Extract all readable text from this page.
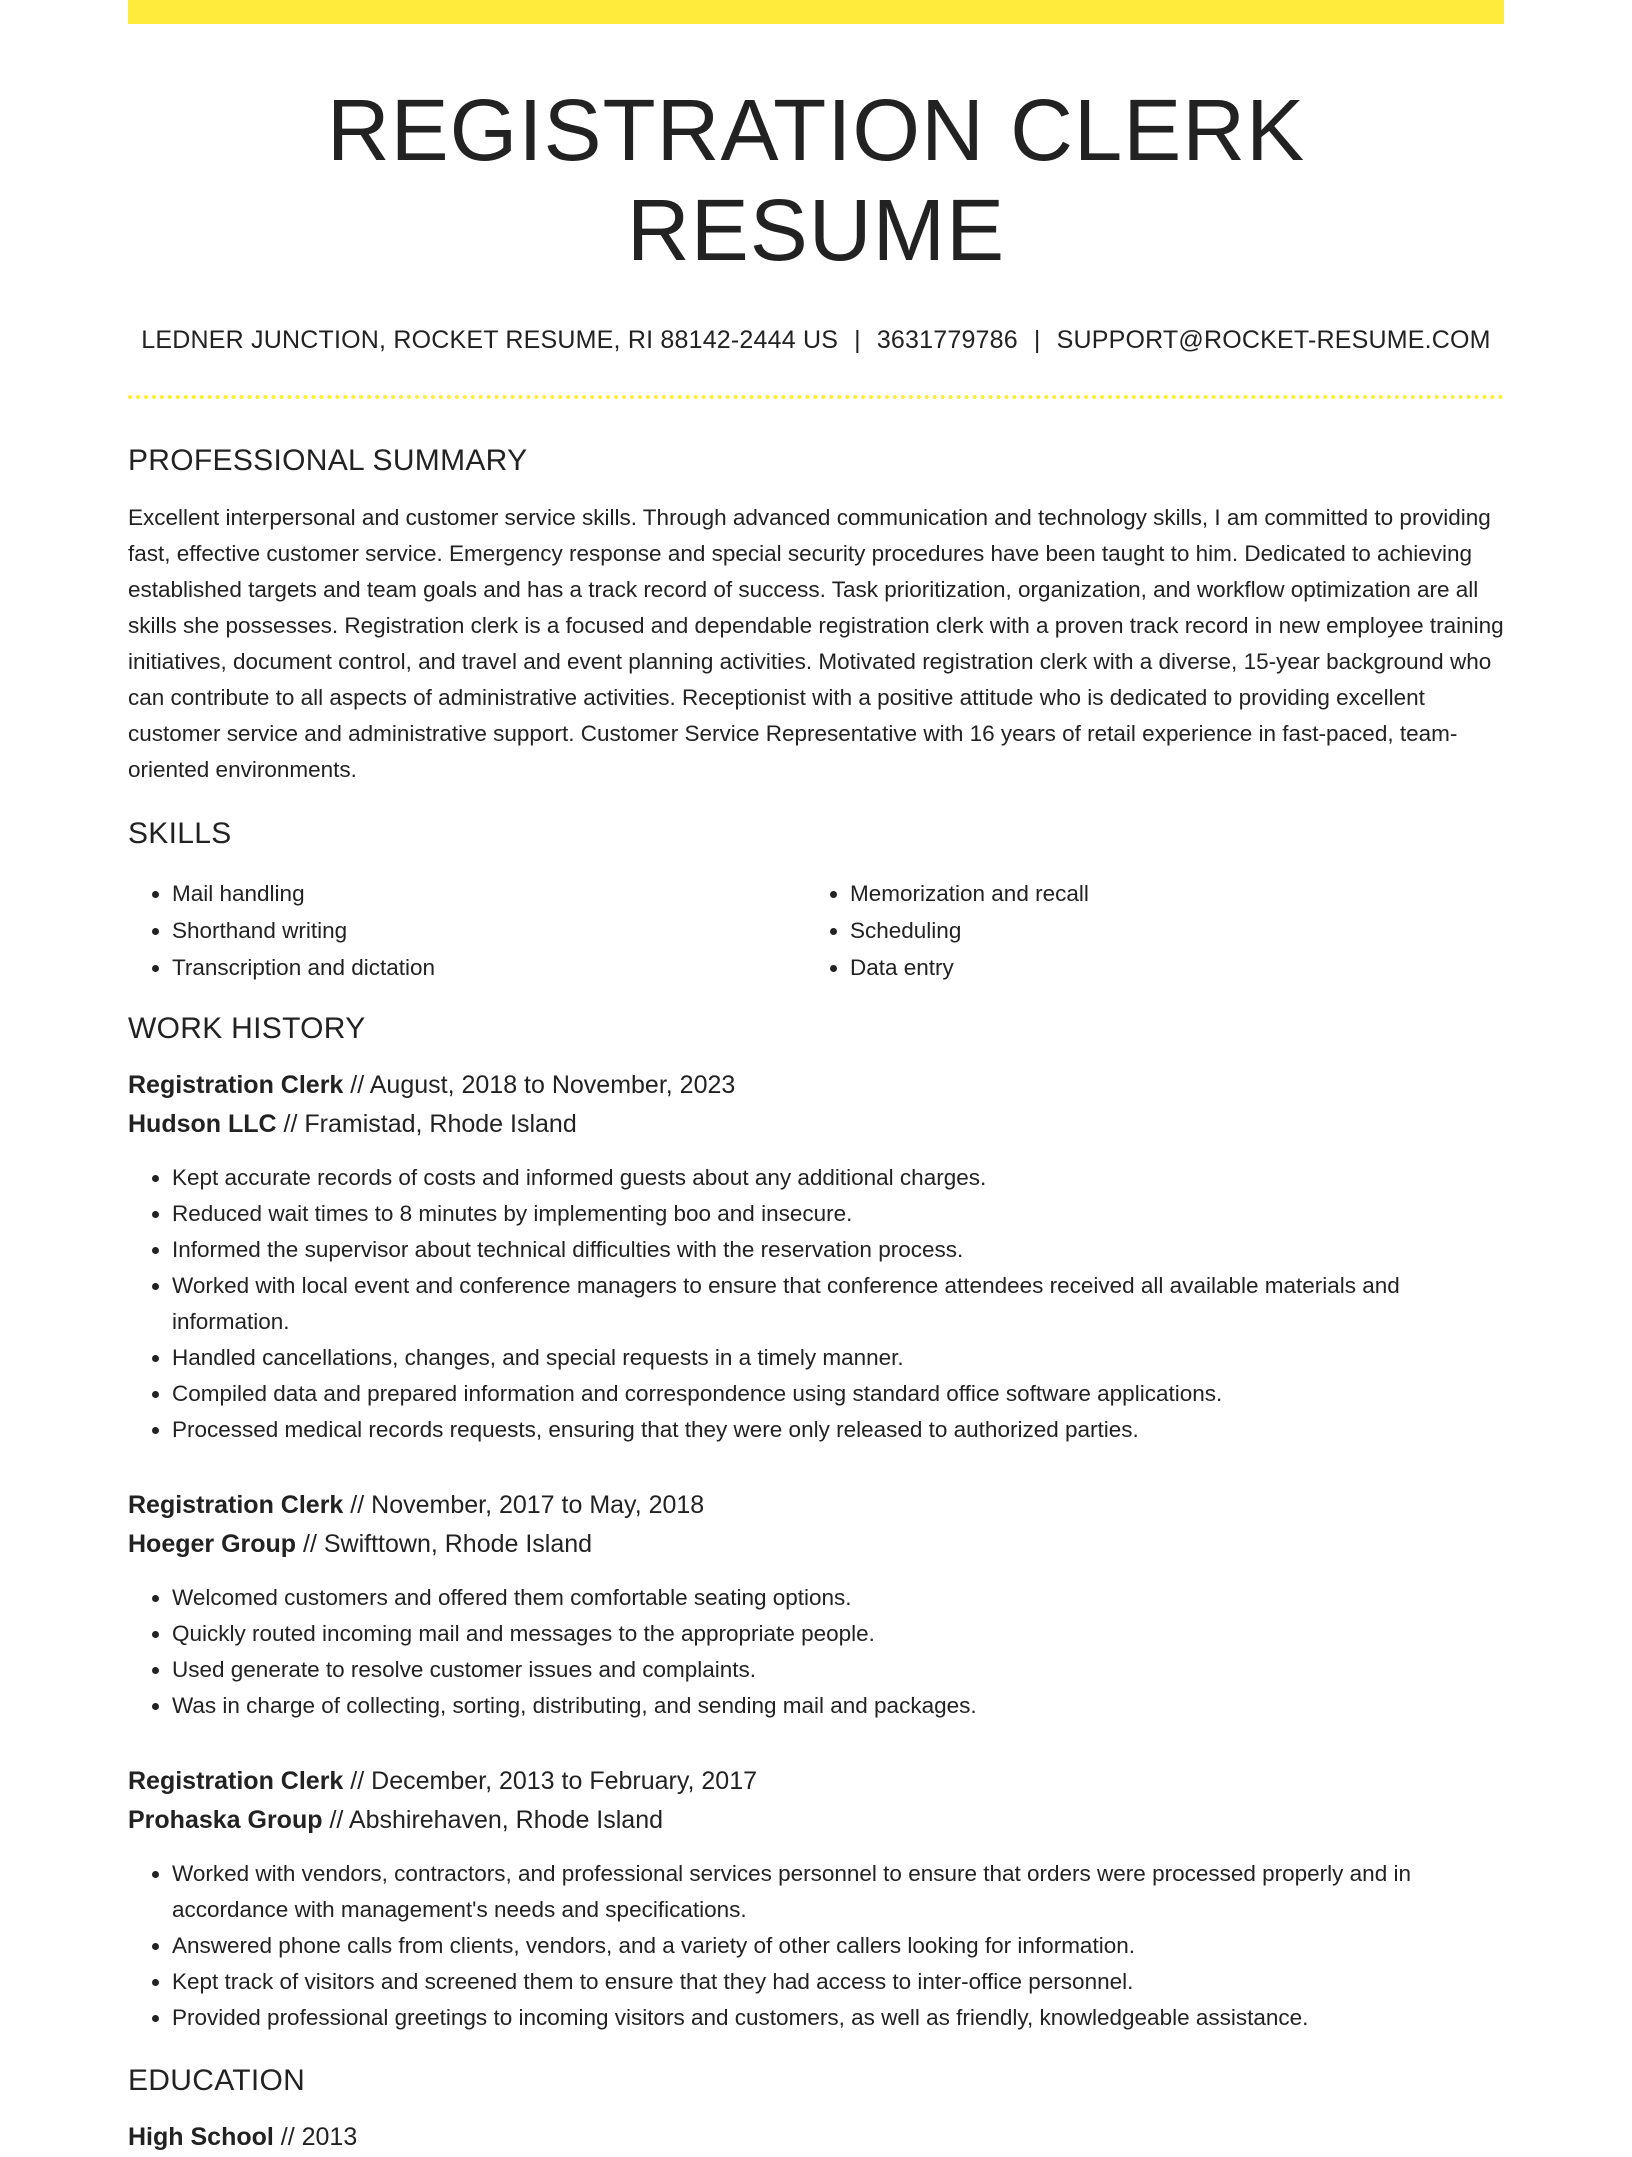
REGISTRATION CLERK RESUME
LEDNER JUNCTION, ROCKET RESUME, RI 88142-2444 US | 3631779786 | SUPPORT@ROCKET-RESUME.COM
PROFESSIONAL SUMMARY

Excellent interpersonal and customer service skills. Through advanced communication and technology skills, I am committed to providing fast, effective customer service. Emergency response and special security procedures have been taught to him. Dedicated to achieving established targets and team goals and has a track record of success. Task prioritization, organization, and workflow optimization are all skills she possesses. Registration clerk is a focused and dependable registration clerk with a proven track record in new employee training initiatives, document control, and travel and event planning activities. Motivated registration clerk with a diverse, 15-year background who can contribute to all aspects of administrative activities. Receptionist with a positive attitude who is dedicated to providing excellent customer service and administrative support. Customer Service Representative with 16 years of retail experience in fast-paced, team-oriented environments.

SKILLS
• Mail handling
• Shorthand writing
• Transcription and dictation
• Memorization and recall
• Scheduling
• Data entry
WORK HISTORY
Registration Clerk // August, 2018 to November, 2023
Hudson LLC // Framistad, Rhode Island
• Kept accurate records of costs and informed guests about any additional charges.
• Reduced wait times to 8 minutes by implementing boo and insecure.
• Informed the supervisor about technical difficulties with the reservation process.
• Worked with local event and conference managers to ensure that conference attendees received all available materials and information.
• Handled cancellations, changes, and special requests in a timely manner.
• Compiled data and prepared information and correspondence using standard office software applications.
• Processed medical records requests, ensuring that they were only released to authorized parties.
Registration Clerk // November, 2017 to May, 2018
Hoeger Group // Swifttown, Rhode Island
• Welcomed customers and offered them comfortable seating options.
• Quickly routed incoming mail and messages to the appropriate people.
• Used generate to resolve customer issues and complaints.
• Was in charge of collecting, sorting, distributing, and sending mail and packages.
Registration Clerk // December, 2013 to February, 2017
Prohaska Group // Abshirehaven, Rhode Island
• Worked with vendors, contractors, and professional services personnel to ensure that orders were processed properly and in accordance with management's needs and specifications.
• Answered phone calls from clients, vendors, and a variety of other callers looking for information.
• Kept track of visitors and screened them to ensure that they had access to inter-office personnel.
• Provided professional greetings to incoming visitors and customers, as well as friendly, knowledgeable assistance.
EDUCATION
High School // 2013
